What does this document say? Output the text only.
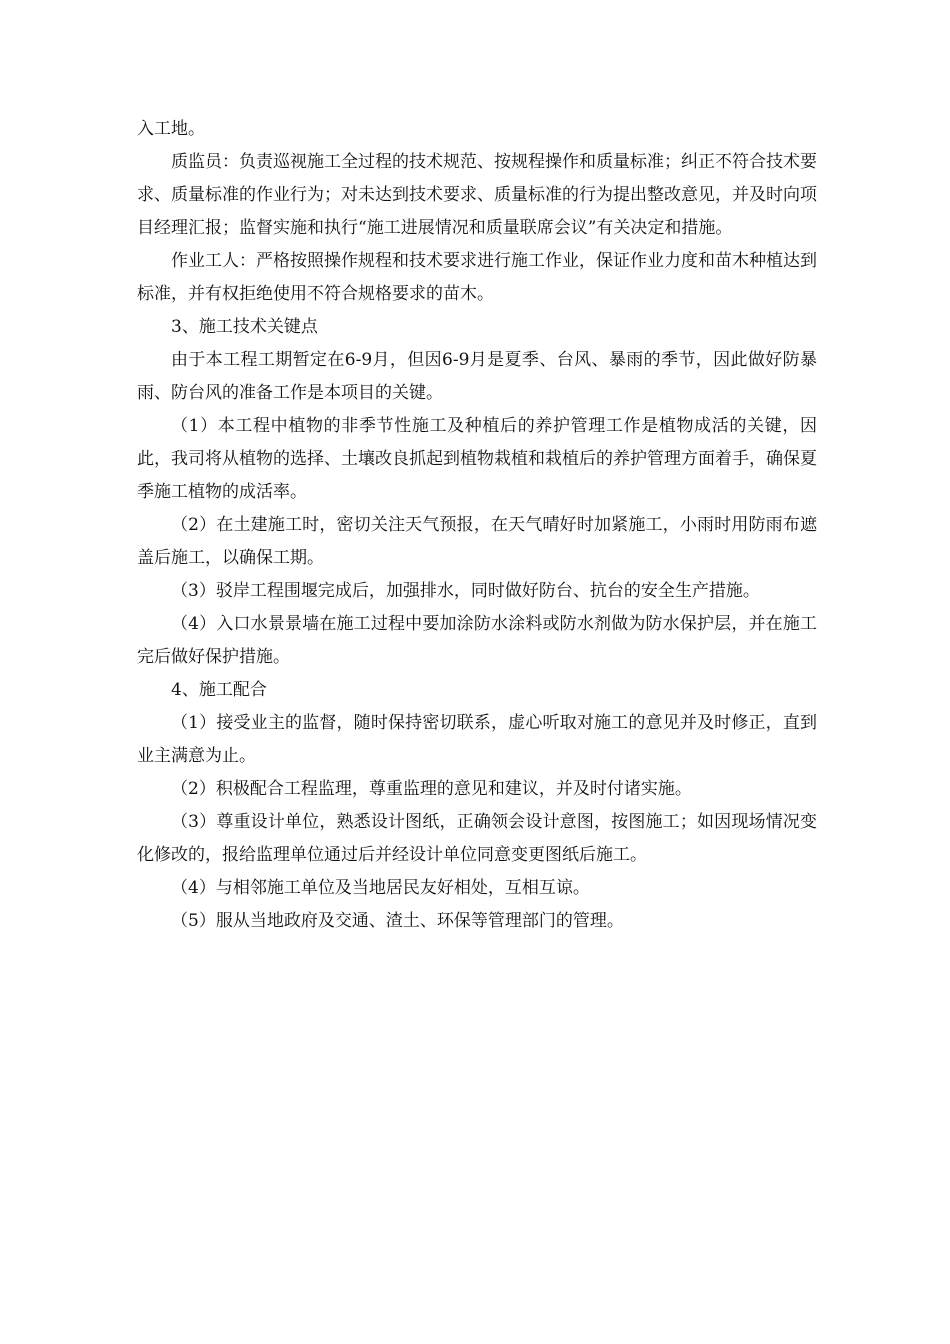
入工地。

质监员：负责巡视施工全过程的技术规范、按规程操作和质量标准；纠正不符合技术要求、质量标准的作业行为；对未达到技术要求、质量标准的行为提出整改意见，并及时向项目经理汇报；监督实施和执行“施工进展情况和质量联席会议”有关决定和措施。

作业工人：严格按照操作规程和技术要求进行施工作业，保证作业力度和苗木种植达到标准，并有权拒绝使用不符合规格要求的苗木。

3、施工技术关键点

由于本工程工期暂定在6-9月，但因6-9月是夏季、台风、暴雨的季节，因此做好防暴雨、防台风的准备工作是本项目的关键。

（1）本工程中植物的非季节性施工及种植后的养护管理工作是植物成活的关键，因此，我司将从植物的选择、土壤改良抓起到植物栽植和栽植后的养护管理方面着手，确保夏季施工植物的成活率。

（2）在土建施工时，密切关注天气预报，在天气晴好时加紧施工，小雨时用防雨布遮盖后施工，以确保工期。

（3）驳岸工程围堰完成后，加强排水，同时做好防台、抗台的安全生产措施。

（4）入口水景景墙在施工过程中要加涂防水涂料或防水剂做为防水保护层，并在施工完后做好保护措施。

4、施工配合

（1）接受业主的监督，随时保持密切联系，虚心听取对施工的意见并及时修正，直到业主满意为止。

（2）积极配合工程监理，尊重监理的意见和建议，并及时付诸实施。

（3）尊重设计单位，熟悉设计图纸，正确领会设计意图，按图施工；如因现场情况变化修改的，报给监理单位通过后并经设计单位同意变更图纸后施工。

（4）与相邻施工单位及当地居民友好相处，互相互谅。

（5）服从当地政府及交通、渣土、环保等管理部门的管理。
